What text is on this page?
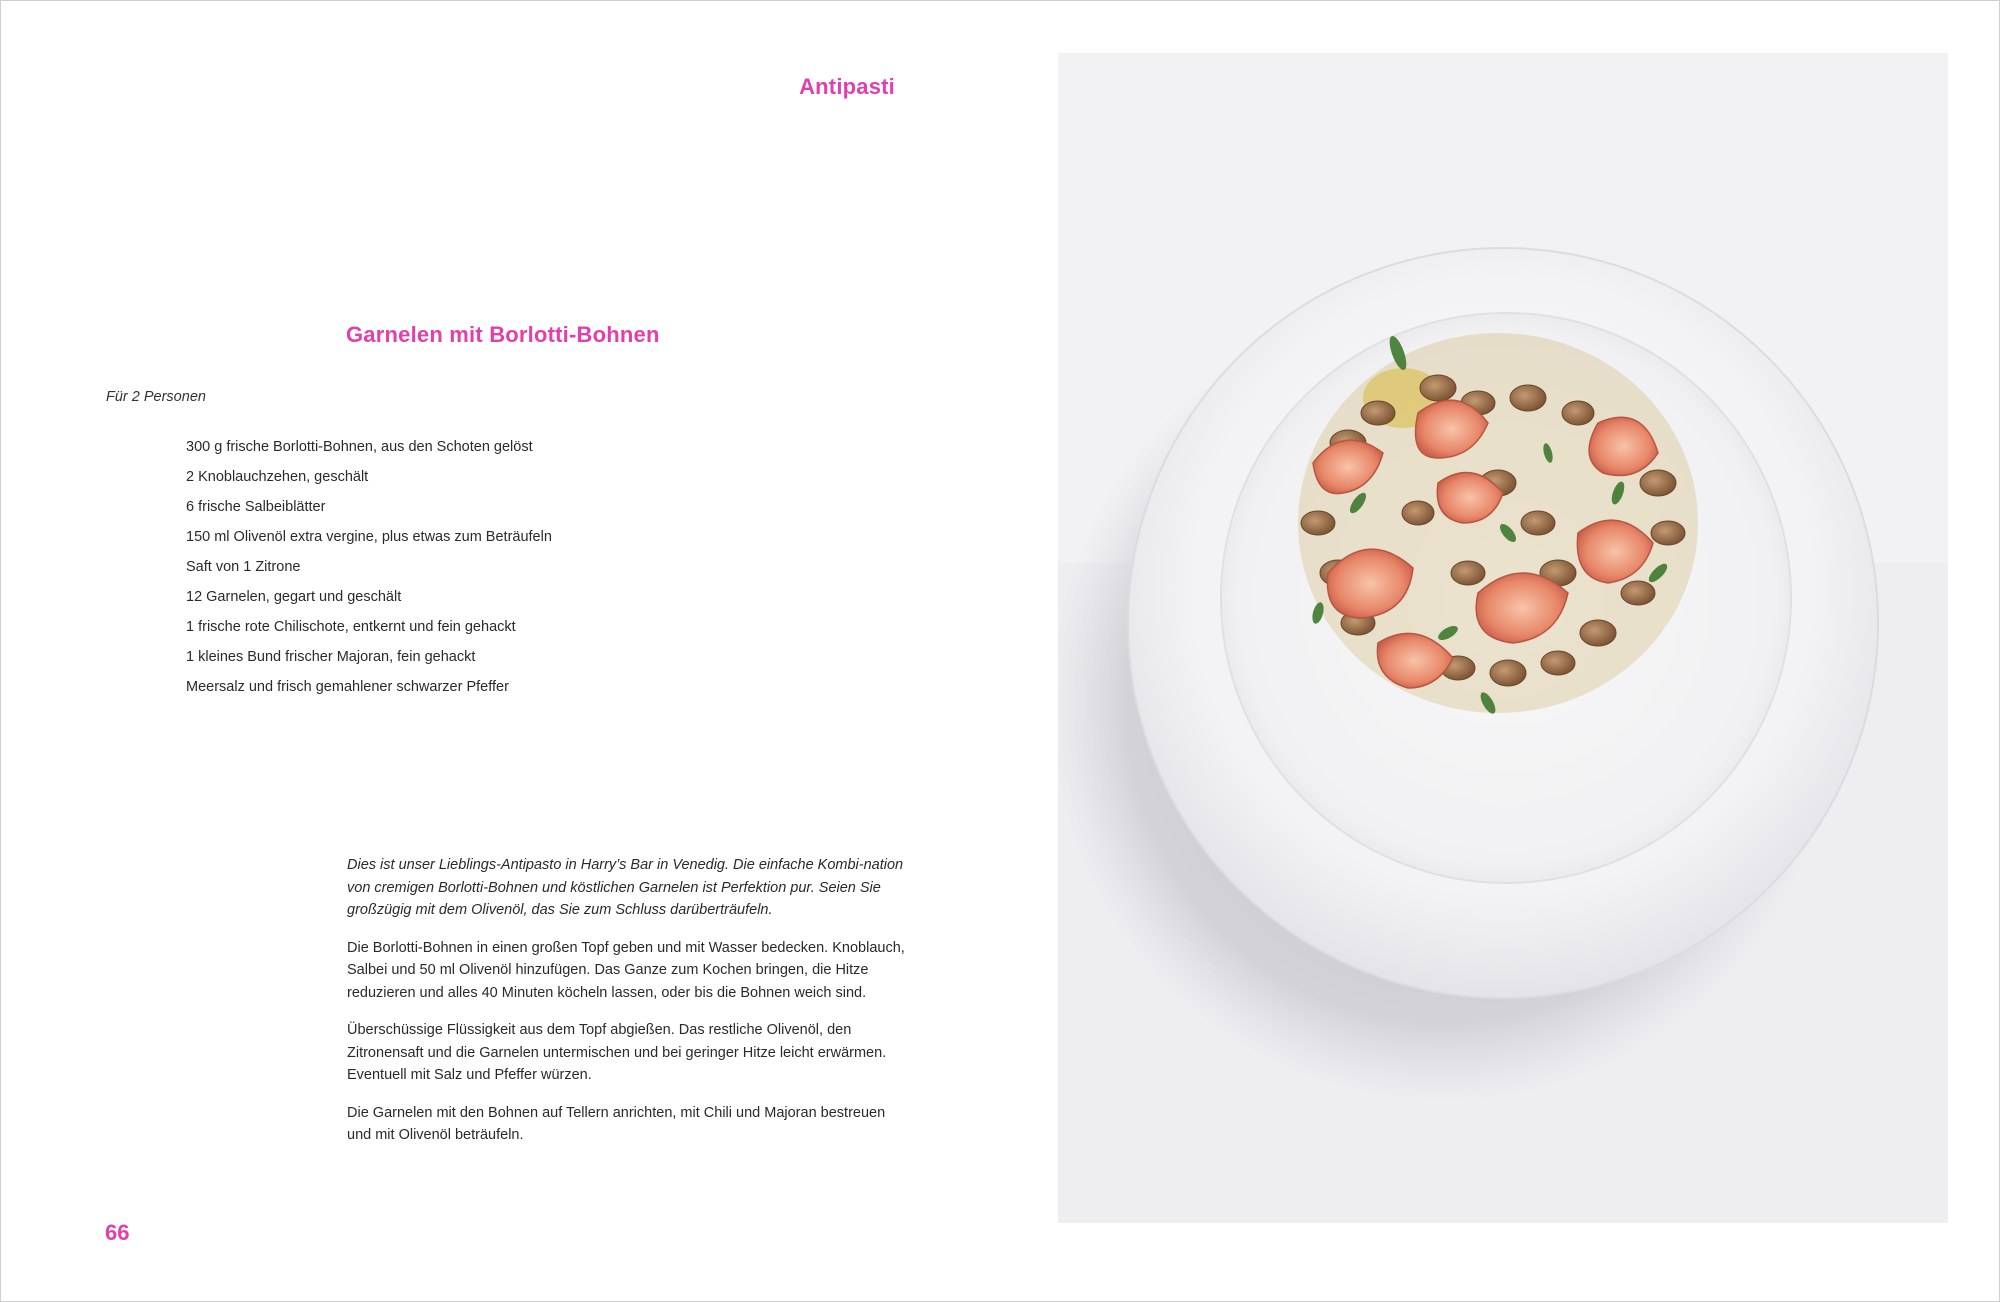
Antipasti
Garnelen mit Borlotti-Bohnen
Für 2 Personen
300 g frische Borlotti-Bohnen, aus den Schoten gelöst
2 Knoblauchzehen, geschält
6 frische Salbeiblätter
150 ml Olivenöl extra vergine, plus etwas zum Beträufeln
Saft von 1 Zitrone
12 Garnelen, gegart und geschält
1 frische rote Chilischote, entkernt und fein gehackt
1 kleines Bund frischer Majoran, fein gehackt
Meersalz und frisch gemahlener schwarzer Pfeffer

Dies ist unser Lieblings-Antipasto in Harry’s Bar in Venedig. Die einfache Kombi-nation von cremigen Borlotti-Bohnen und köstlichen Garnelen ist Perfektion pur. Seien Sie großzügig mit dem Olivenöl, das Sie zum Schluss darüberträufeln.

Die Borlotti-Bohnen in einen großen Topf geben und mit Wasser bedecken. Knoblauch, Salbei und 50 ml Olivenöl hinzufügen. Das Ganze zum Kochen bringen, die Hitze reduzieren und alles 40 Minuten köcheln lassen, oder bis die Bohnen weich sind.

Überschüssige Flüssigkeit aus dem Topf abgießen. Das restliche Olivenöl, den Zitronensaft und die Garnelen untermischen und bei geringer Hitze leicht erwärmen. Eventuell mit Salz und Pfeffer würzen.

Die Garnelen mit den Bohnen auf Tellern anrichten, mit Chili und Majoran bestreuen und mit Olivenöl beträufeln.

66
